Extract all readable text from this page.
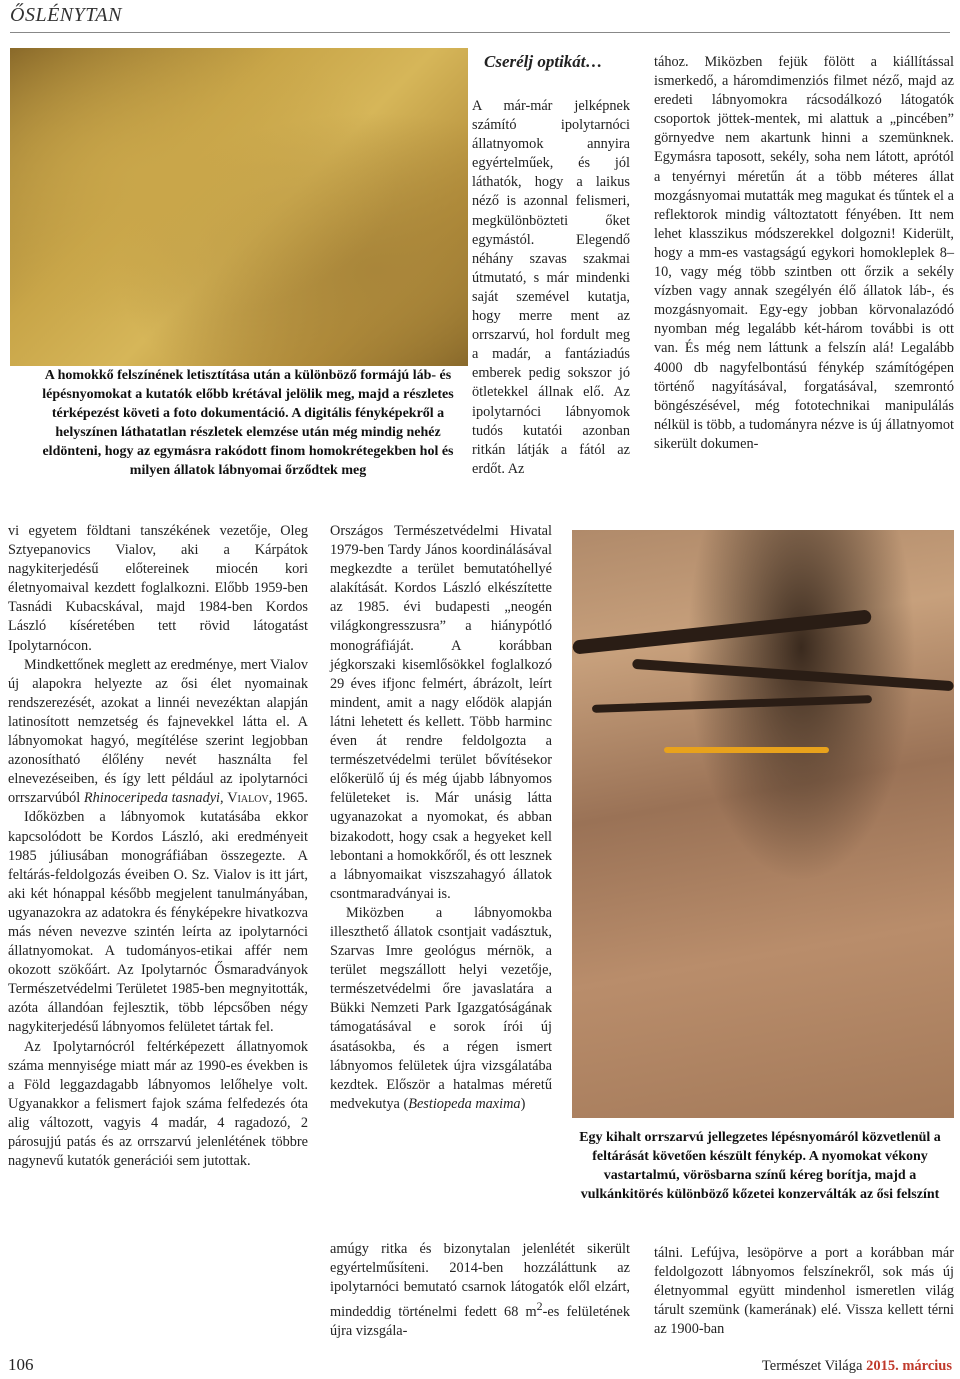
ŐSLÉNYTAN
A homokkő felszínének letisztítása után a különböző formájú láb- és lépésnyomokat a kutatók előbb krétával jelölik meg, majd a részletes térképezést követi a foto dokumentáció. A digitális fényképekről a helyszínen láthatatlan részletek elemzése után még mindig nehéz eldönteni, hogy az egymásra rakódott finom homokrétegekben hol és milyen állatok lábnyomai őrződtek meg
Cserélj optikát…

A már-már jelképnek számító ipolytarnóci állatnyomok annyira egyértelműek, és jól láthatók, hogy a laikus néző is azonnal felismeri, megkülönbözteti őket egymástól. Elegendő néhány szavas szakmai útmutató, s már mindenki saját szemével kutatja, hogy merre ment az orrszarvú, hol fordult meg a madár, a fantáziadús emberek pedig sokszor jó ötletekkel állnak elő. Az ipolytarnóci lábnyomok tudós kutatói azonban ritkán látják a fától az erdőt. Az

tához. Miközben fejük fölött a kiállítással ismerkedő, a háromdimenziós filmet néző, majd az eredeti lábnyomokra rácsodálkozó látogatók csoportok jöttek-mentek, mi alattuk a „pincében” görnyedve nem akartunk hinni a szemünknek. Egymásra taposott, sekély, soha nem látott, aprótól a tenyérnyi méretűn át a több méteres állat mozgásnyomai mutatták meg magukat és tűntek el a reflektorok mindig változtatott fényében. Itt nem lehet klasszikus módszerekkel dolgozni! Kiderült, hogy a mm-es vastagságú egykori homokleplek 8–10, vagy még több szintben ott őrzik a sekély vízben vagy annak szegélyén élő állatok láb-, és mozgásnyomait. Egy-egy jobban körvonalazódó nyomban még legalább két-három további is ott van. És még nem láttunk a felszín alá! Legalább 4000 db nagyfelbontású fénykép számítógépen történő nagyításával, forgatásával, szemrontó böngészésével, még fototechnikai manipulálás nélkül is több, a tudományra nézve is új állatnyomot sikerült dokumen-

Egy kihalt orrszarvú jellegzetes lépésnyomáról közvetlenül a feltárását követően készült fénykép. A nyomokat vékony vastartalmú, vörösbarna színű kéreg borítja, majd a vulkánkitörés különböző kőzetei konzerválták az ősi felszínt

vi egyetem földtani tanszékének vezetője, Oleg Sztyepanovics Vialov, aki a Kárpátok nagykiterjedésű előtereinek miocén kori életnyomaival kezdett foglalkozni. Előbb 1959-ben Tasnádi Kubacskával, majd 1984-ben Kordos László kíséretében tett rövid látogatást Ipolytarnócon.

Mindkettőnek meglett az eredménye, mert Vialov új alapokra helyezte az ősi élet nyomainak rendszerezését, azokat a linnéi nevezéktan alapján latinosított nemzetség és fajnevekkel látta el. A lábnyomokat hagyó, megítélése szerint legjobban azonosítható élőlény nevét használta fel elnevezéseiben, és így lett például az ipolytarnóci orrszarvúból Rhinoceripeda tasnadyi, Vialov, 1965.

Időközben a lábnyomok kutatásába ekkor kapcsolódott be Kordos László, aki eredményeit 1985 júliusában monográfiában összegezte. A feltárás-feldolgozás éveiben O. Sz. Vialov is itt járt, aki két hónappal később megjelent tanulmányában, ugyanazokra az adatokra és fényképekre hivatkozva más néven nevezve szintén leírta az ipolytarnóci állatnyomokat. A tudományos-etikai affér nem okozott szökőárt. Az Ipolytarnóc Ősmaradványok Természetvédelmi Területet 1985-ben megnyitották, azóta állandóan fejlesztik, több lépcsőben négy nagykiterjedésű lábnyomos felületet tártak fel.

Az Ipolytarnócról feltérképezett állatnyomok száma mennyisége miatt már az 1990-es években is a Föld leggazdagabb lábnyomos lelőhelye volt. Ugyanakkor a felismert fajok száma felfedezés óta alig változott, vagyis 4 madár, 4 ragadozó, 2 párosujjú patás és az orrszarvú jelenlétének többre nagynevű kutatók generációi sem jutottak.

Országos Természetvédelmi Hivatal 1979-ben Tardy János koordinálásával megkezdte a terület bemutatóhellyé alakítását. Kordos László elkészítette az 1985. évi budapesti „neogén világkongresszusra” a hiánypótló monográfiáját. A korábban jégkorszaki kisemlősökkel foglalkozó 29 éves ifjonc felmért, ábrázolt, leírt mindent, amit a nagy elődök alapján látni lehetett és kellett. Több harminc éven át rendre feldolgozta a természetvédelmi terület bővítésekor előkerülő új és még újabb lábnyomos felületeket is. Már unásig látta ugyanazokat a nyomokat, és abban bizakodott, hogy csak a hegyeket kell lebontani a homokkőről, és ott lesznek a lábnyomaikat viszszahagyó állatok csontmaradványai is.

Miközben a lábnyomokba illeszthető állatok csontjait vadásztuk, Szarvas Imre geológus mérnök, a terület megszállott helyi vezetője, természetvédelmi őre javaslatára a Bükki Nemzeti Park Igazgatóságának támogatásával e sorok írói új ásatásokba, és a régen ismert lábnyomos felületek újra vizsgálatába kezdtek. Először a hatalmas méretű medvekutya (Bestiopeda maxima)

amúgy ritka és bizonytalan jelenlétét sikerült egyértelműsíteni. 2014-ben hozzáláttunk az ipolytarnóci bemutató csarnok látogatók elől elzárt, mindeddig történelmi fedett 68 $m^2-es$ felületének újra vizsgála-

tálni. Lefújva, lesöpörve a port a korábban már feldolgozott lábnyomos felszínekről, sok más új életnyommal együtt mindenhol ismeretlen világ tárult szemünk (kamerának) elé. Vissza kellett térni az 1900-ban

106	Természet Világa 2015. március
